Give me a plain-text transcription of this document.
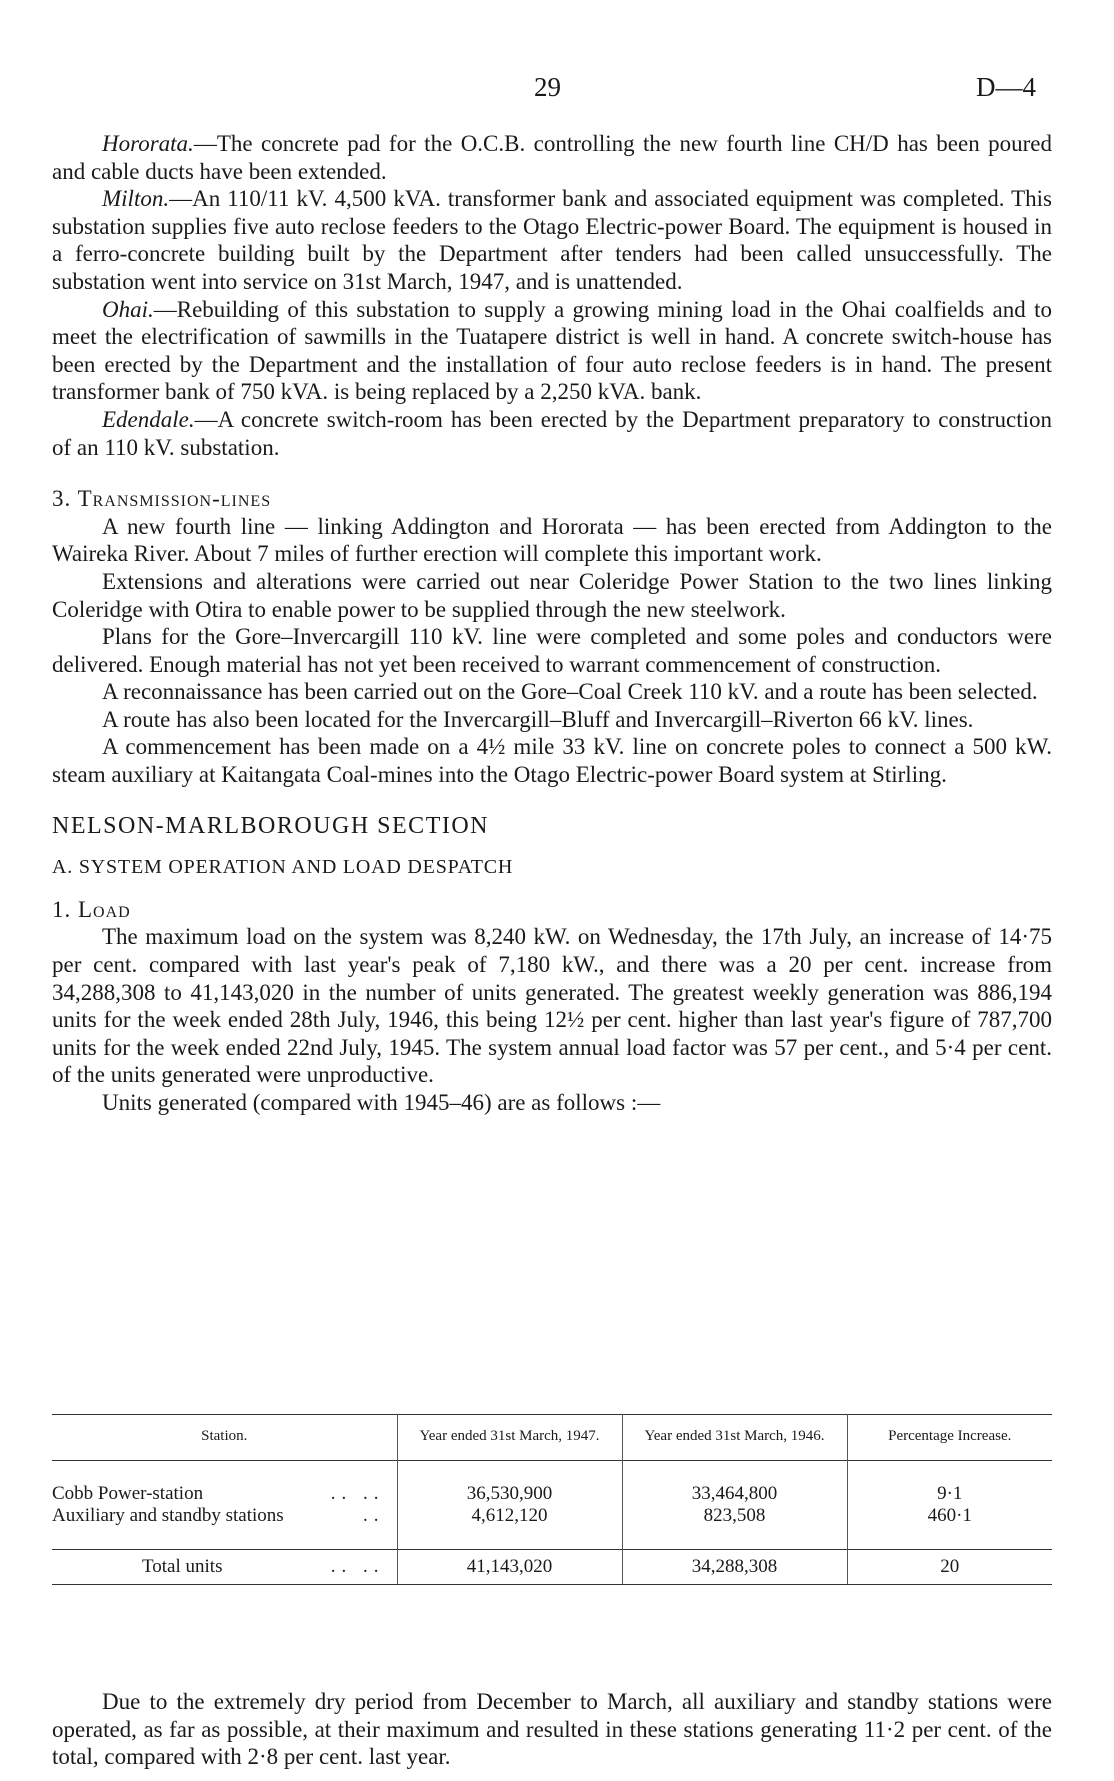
29	D—4

Hororata.—The concrete pad for the O.C.B. controlling the new fourth line CH/D has been poured and cable ducts have been extended.

Milton.—An 110/11 kV. 4,500 kVA. transformer bank and associated equipment was completed. This substation supplies five auto reclose feeders to the Otago Electric-power Board. The equipment is housed in a ferro-concrete building built by the Department after tenders had been called unsuccessfully. The substation went into service on 31st March, 1947, and is unattended.

Ohai.—Rebuilding of this substation to supply a growing mining load in the Ohai coalfields and to meet the electrification of sawmills in the Tuatapere district is well in hand. A concrete switch-house has been erected by the Department and the installation of four auto reclose feeders is in hand. The present transformer bank of 750 kVA. is being replaced by a 2,250 kVA. bank.

Edendale.—A concrete switch-room has been erected by the Department preparatory to construction of an 110 kV. substation.

3. Transmission-lines

A new fourth line — linking Addington and Hororata — has been erected from Addington to the Waireka River. About 7 miles of further erection will complete this important work.

Extensions and alterations were carried out near Coleridge Power Station to the two lines linking Coleridge with Otira to enable power to be supplied through the new steelwork.

Plans for the Gore–Invercargill 110 kV. line were completed and some poles and conductors were delivered. Enough material has not yet been received to warrant commencement of construction.

A reconnaissance has been carried out on the Gore–Coal Creek 110 kV. and a route has been selected.

A route has also been located for the Invercargill–Bluff and Invercargill–Riverton 66 kV. lines.

A commencement has been made on a 4½ mile 33 kV. line on concrete poles to connect a 500 kW. steam auxiliary at Kaitangata Coal-mines into the Otago Electric-power Board system at Stirling.

NELSON-MARLBOROUGH SECTION

A. SYSTEM OPERATION AND LOAD DESPATCH

1. Load

The maximum load on the system was 8,240 kW. on Wednesday, the 17th July, an increase of 14·75 per cent. compared with last year's peak of 7,180 kW., and there was a 20 per cent. increase from 34,288,308 to 41,143,020 in the number of units generated. The greatest weekly generation was 886,194 units for the week ended 28th July, 1946, this being 12½ per cent. higher than last year's figure of 787,700 units for the week ended 22nd July, 1945. The system annual load factor was 57 per cent., and 5·4 per cent. of the units generated were unproductive.

Units generated (compared with 1945–46) are as follows :—

Station.	Year ended 31st March, 1947.	Year ended 31st March, 1946.	Percentage Increase.

Cobb Power-station .. ..	36,530,900	33,464,800	9·1
Auxiliary and standby stations ..	4,612,120	823,508	460·1

Total units .. ..	41,143,020	34,288,308	20

Due to the extremely dry period from December to March, all auxiliary and standby stations were operated, as far as possible, at their maximum and resulted in these stations generating 11·2 per cent. of the total, compared with 2·8 per cent. last year.
